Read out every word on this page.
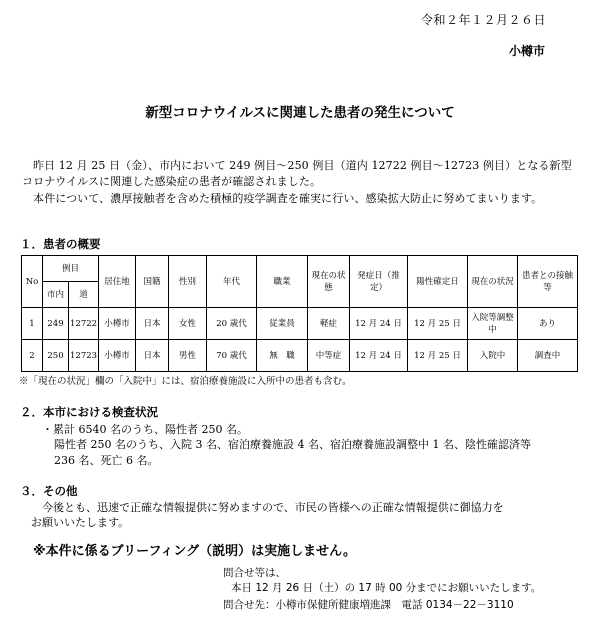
令和２年１２月２６日
小樽市
新型コロナウイルスに関連した患者の発生について
昨日 12 月 25 日（金）、市内において 249 例目～250 例目（道内 12722 例目～12723 例目）となる新型
コロナウイルスに関連した感染症の患者が確認されました。
本件について、濃厚接触者を含めた積極的疫学調査を確実に行い、感染拡大防止に努めてまいります。
１．患者の概要
No	例目		居住地	国籍	性別	年代	職業	現在の状態	発症日（推定）	陽性確定日	現在の状況	患者との接触等
	市内	道										
1	249	12722	小樽市	日本	女性	20 歳代	従業員	軽症	12 月 24 日	12 月 25 日	入院等調整中	あり
2	250	12723	小樽市	日本	男性	70 歳代	無　職	中等症	12 月 24 日	12 月 25 日	入院中	調査中
※「現在の状況」欄の「入院中」には、宿泊療養施設に入所中の患者も含む。
２．本市における検査状況
・累計 6540 名のうち、陽性者 250 名。
陽性者 250 名のうち、入院 3 名、宿泊療養施設 4 名、宿泊療養施設調整中 1 名、陰性確認済等
236 名、死亡 6 名。
３．その他
今後とも、迅速で正確な情報提供に努めますので、市民の皆様への正確な情報提供に御協力を
お願いいたします。
※本件に係るブリーフィング（説明）は実施しません。
問合せ等は、
本日 12 月 26 日（土）の 17 時 00 分までにお願いいたします。
問合せ先：小樽市保健所健康増進課　電話 0134－22－3110
